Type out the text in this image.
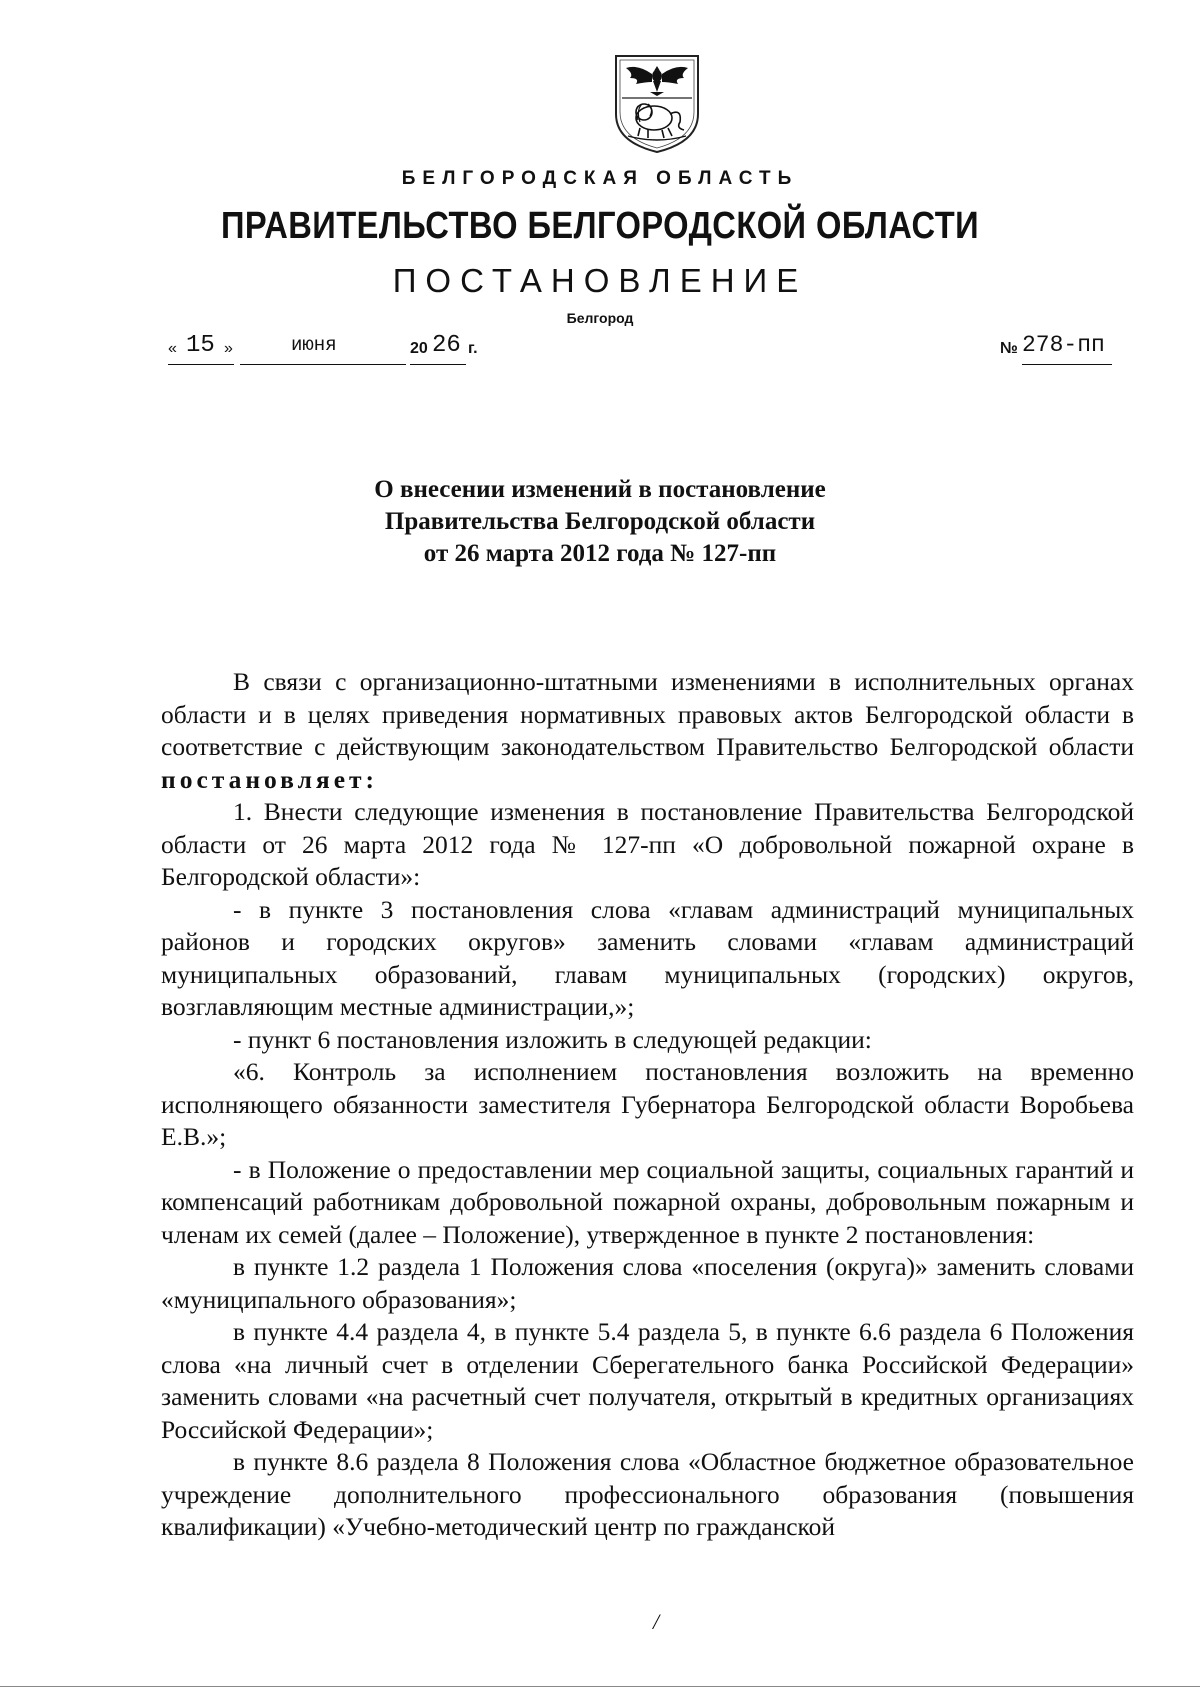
БЕЛГОРОДСКАЯ ОБЛАСТЬ
ПРАВИТЕЛЬСТВО БЕЛГОРОДСКОЙ ОБЛАСТИ
ПОСТАНОВЛЕНИЕ
Белгород
« 15 »	июня	20 26 г.	№ 278-пп
О внесении изменений в постановление
Правительства Белгородской области
от 26 марта 2012 года № 127-пп

В связи с организационно-штатными изменениями в исполнительных органах области и в целях приведения нормативных правовых актов Белгородской области в соответствие с действующим законодательством Правительство Белгородской области постановляет:

1. Внести следующие изменения в постановление Правительства Белгородской области от 26 марта 2012 года № 127-пп «О добровольной пожарной охране в Белгородской области»:

- в пункте 3 постановления слова «главам администраций муниципальных районов и городских округов» заменить словами «главам администраций муниципальных образований, главам муниципальных (городских) округов, возглавляющим местные администрации,»;

- пункт 6 постановления изложить в следующей редакции:

«6. Контроль за исполнением постановления возложить на временно исполняющего обязанности заместителя Губернатора Белгородской области Воробьева Е.В.»;

- в Положение о предоставлении мер социальной защиты, социальных гарантий и компенсаций работникам добровольной пожарной охраны, добровольным пожарным и членам их семей (далее – Положение), утвержденное в пункте 2 постановления:

в пункте 1.2 раздела 1 Положения слова «поселения (округа)» заменить словами «муниципального образования»;

в пункте 4.4 раздела 4, в пункте 5.4 раздела 5, в пункте 6.6 раздела 6 Положения слова «на личный счет в отделении Сберегательного банка Российской Федерации» заменить словами «на расчетный счет получателя, открытый в кредитных организациях Российской Федерации»;

в пункте 8.6 раздела 8 Положения слова «Областное бюджетное образовательное учреждение дополнительного профессионального образования (повышения квалификации) «Учебно-методический центр по гражданской

/
